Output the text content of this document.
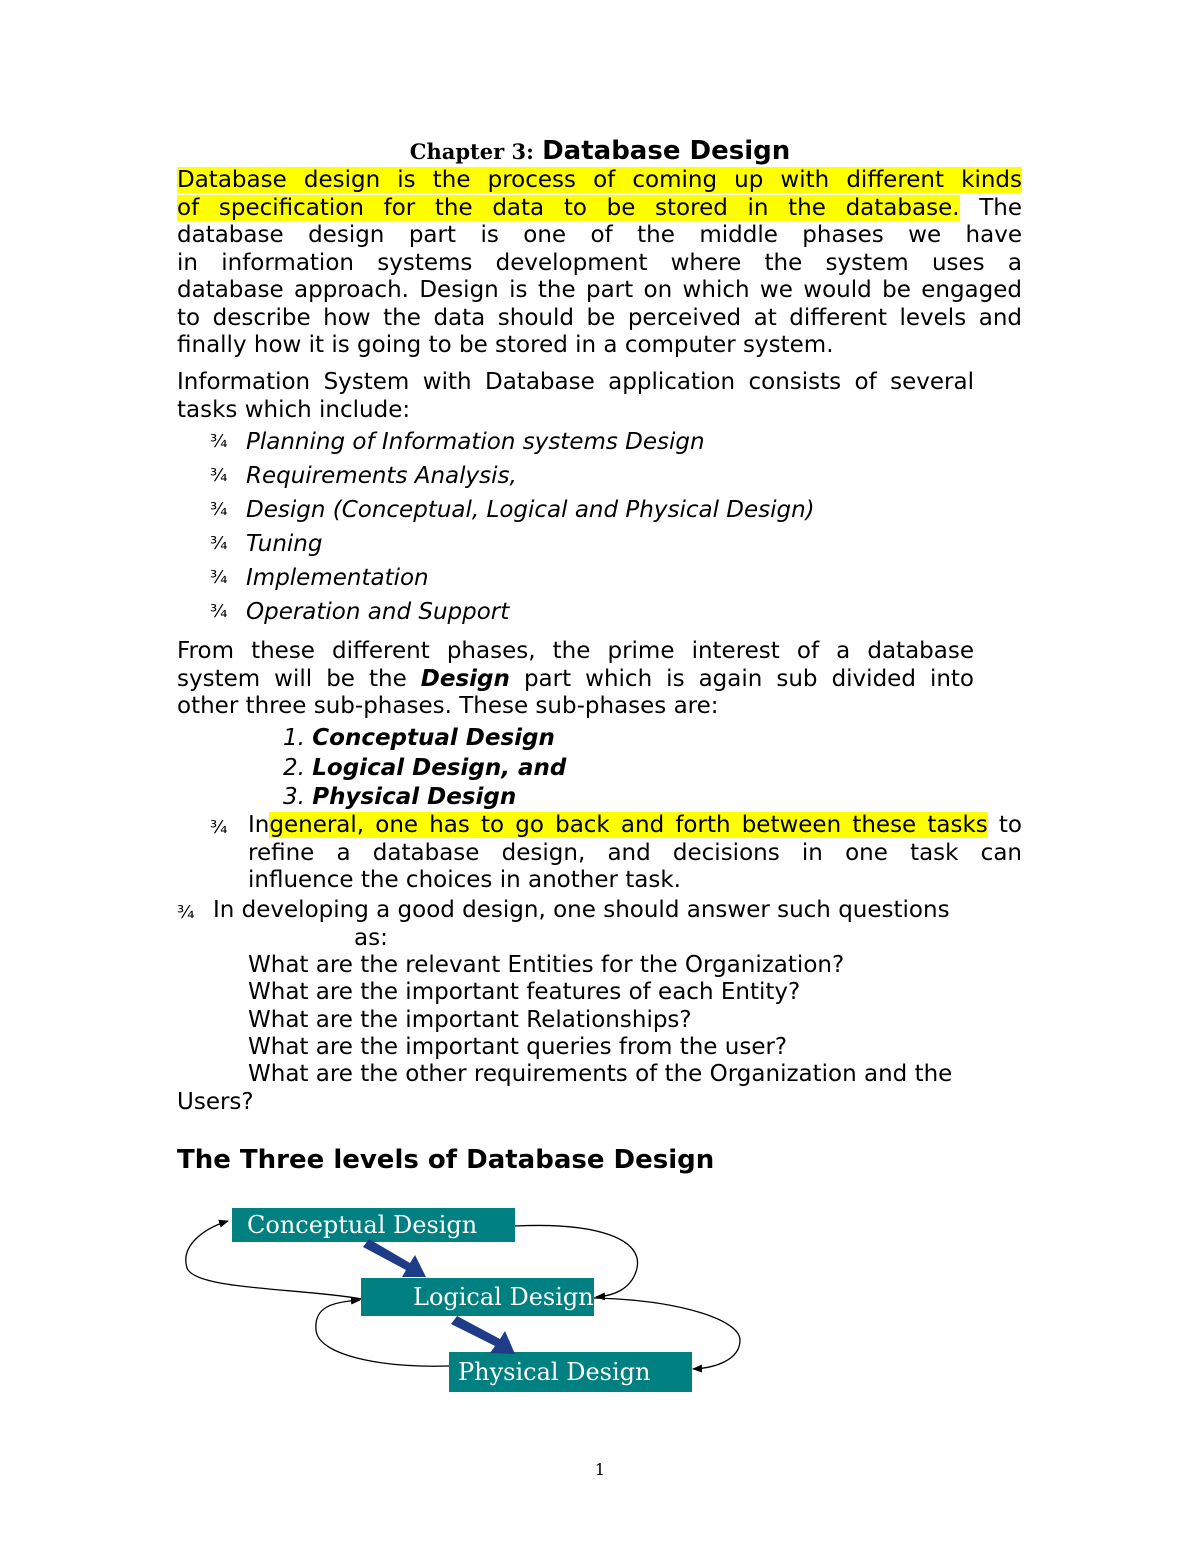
Chapter 3: Database Design
Database design is the process of coming up with different kinds
of specification for the data to be stored in the database. The
database design part is one of the middle phases we have
in information systems development where the system uses a
database approach. Design is the part on which we would be engaged
to describe how the data should be perceived at different levels and
finally how it is going to be stored in a computer system.
Information System with Database application consists of several
tasks which include:
¾ Planning of Information systems Design
¾ Requirements Analysis,
¾ Design (Conceptual, Logical and Physical Design)
¾ Tuning
¾ Implementation
¾ Operation and Support
From these different phases, the prime interest of a database
system will be the Design part which is again sub divided into
other three sub-phases. These sub-phases are:
1. Conceptual Design
2. Logical Design, and
3. Physical Design
¾ Ingeneral, one has to go back and forth between these tasks to
refine a database design, and decisions in one task can
influence the choices in another task.
¾ In developing a good design, one should answer such questions
as:
What are the relevant Entities for the Organization?
What are the important features of each Entity?
What are the important Relationships?
What are the important queries from the user?
What are the other requirements of the Organization and the
Users?
The Three levels of Database Design
Conceptual Design
Logical Design
Physical Design
1
